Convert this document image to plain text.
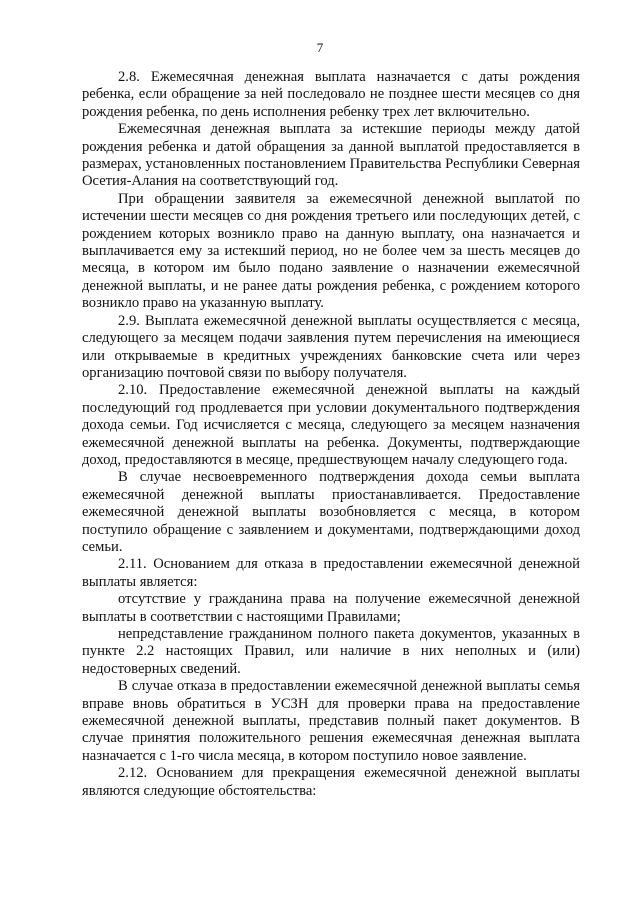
7

2.8. Ежемесячная денежная выплата назначается с даты рождения ребенка, если обращение за ней последовало не позднее шести месяцев со дня рождения ребенка, по день исполнения ребенку трех лет включительно.

Ежемесячная денежная выплата за истекшие периоды между датой рождения ребенка и датой обращения за данной выплатой предоставляется в размерах, установленных постановлением Правительства Республики Северная Осетия-Алания на соответствующий год.

При обращении заявителя за ежемесячной денежной выплатой по истечении шести месяцев со дня рождения третьего или последующих детей, с рождением которых возникло право на данную выплату, она назначается и выплачивается ему за истекший период, но не более чем за шесть месяцев до месяца, в котором им было подано заявление о назначении ежемесячной денежной выплаты, и не ранее даты рождения ребенка, с рождением которого возникло право на указанную выплату.

2.9. Выплата ежемесячной денежной выплаты осуществляется с месяца, следующего за месяцем подачи заявления путем перечисления на имеющиеся или открываемые в кредитных учреждениях банковские счета или через организацию почтовой связи по выбору получателя.

2.10. Предоставление ежемесячной денежной выплаты на каждый последующий год продлевается при условии документального подтверждения дохода семьи. Год исчисляется с месяца, следующего за месяцем назначения ежемесячной денежной выплаты на ребенка. Документы, подтверждающие доход, предоставляются в месяце, предшествующем началу следующего года.

В случае несвоевременного подтверждения дохода семьи выплата ежемесячной денежной выплаты приостанавливается. Предоставление ежемесячной денежной выплаты возобновляется с месяца, в котором поступило обращение с заявлением и документами, подтверждающими доход семьи.

2.11. Основанием для отказа в предоставлении ежемесячной денежной выплаты является:

отсутствие у гражданина права на получение ежемесячной денежной выплаты в соответствии с настоящими Правилами;

непредставление гражданином полного пакета документов, указанных в пункте 2.2 настоящих Правил, или наличие в них неполных и (или) недостоверных сведений.

В случае отказа в предоставлении ежемесячной денежной выплаты семья вправе вновь обратиться в УСЗН для проверки права на предоставление ежемесячной денежной выплаты, представив полный пакет документов. В случае принятия положительного решения ежемесячная денежная выплата назначается с 1-го числа месяца, в котором поступило новое заявление.

2.12. Основанием для прекращения ежемесячной денежной выплаты являются следующие обстоятельства:
